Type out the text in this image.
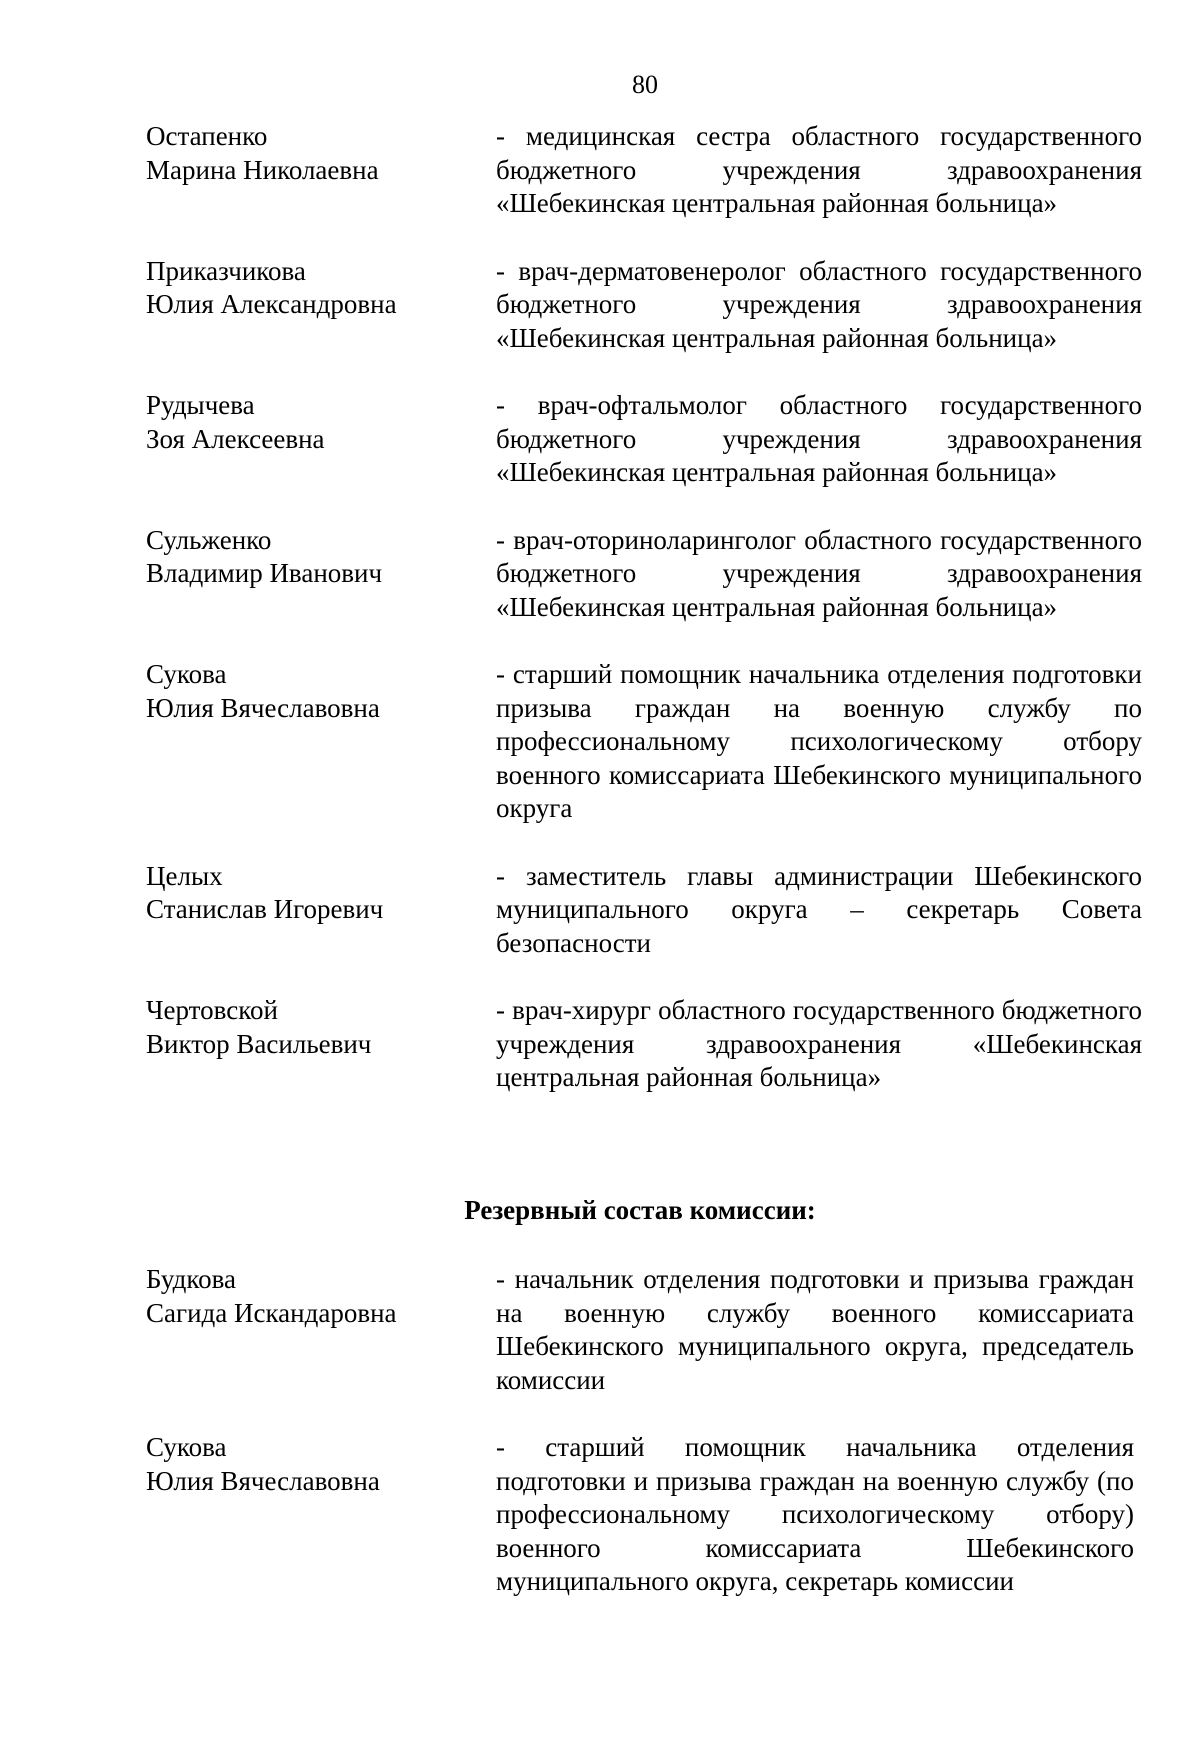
80
Остапенко
Марина Николаевна
- медицинская сестра областного государственного бюджетного учреждения здравоохранения «Шебекинская центральная районная больница»
Приказчикова
Юлия Александровна
- врач-дерматовенеролог областного государственного бюджетного учреждения здравоохранения «Шебекинская центральная районная больница»
Рудычева
Зоя Алексеевна
- врач-офтальмолог областного государственного бюджетного учреждения здравоохранения «Шебекинская центральная районная больница»
Сульженко
Владимир Иванович
- врач-оториноларинголог областного государственного бюджетного учреждения здравоохранения «Шебекинская центральная районная больница»
Сукова
Юлия Вячеславовна
- старший помощник начальника отделения подготовки призыва граждан на военную службу по профессиональному психологическому отбору военного комиссариата Шебекинского муниципального округа
Целых
Станислав Игоревич
- заместитель главы администрации Шебекинского муниципального округа – секретарь Совета безопасности
Чертовской
Виктор Васильевич
- врач-хирург областного государственного бюджетного учреждения здравоохранения «Шебекинская центральная районная больница»
Резервный состав комиссии:
Будкова
Сагида Искандаровна
- начальник отделения подготовки и призыва граждан на военную службу военного комиссариата Шебекинского муниципального округа, председатель комиссии
Сукова
Юлия Вячеславовна
- старший помощник начальника отделения подготовки и призыва граждан на военную службу (по профессиональному психологическому отбору) военного комиссариата Шебекинского муниципального округа, секретарь комиссии
